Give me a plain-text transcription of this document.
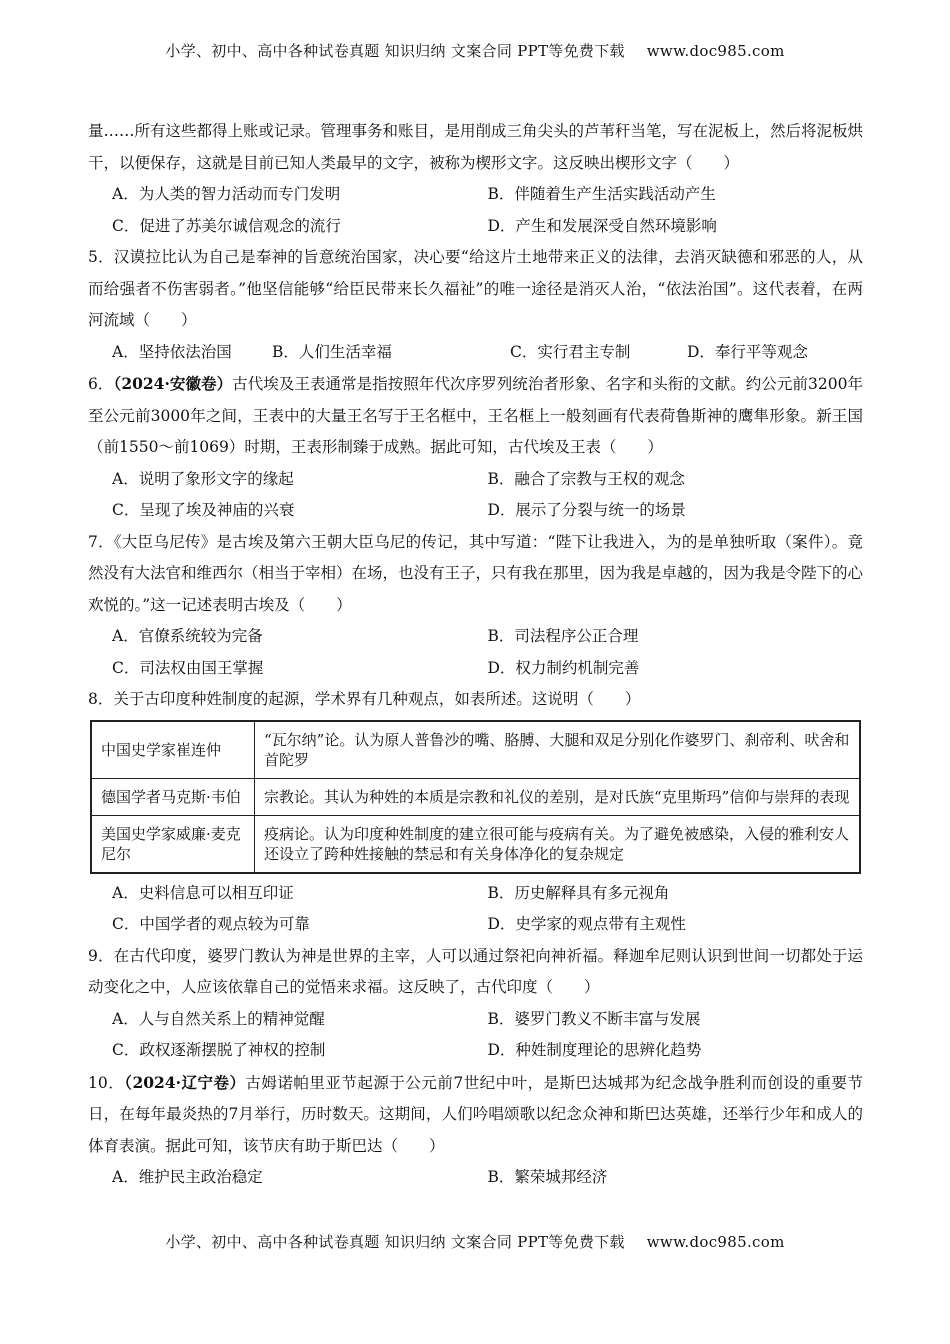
小学、初中、高中各种试卷真题 知识归纳 文案合同 PPT等免费下载 www.doc985.com

量……所有这些都得上账或记录。管理事务和账目，是用削成三角尖头的芦苇秆当笔，写在泥板上，然后将泥板烘干，以便保存，这就是目前已知人类最早的文字，被称为楔形文字。这反映出楔形文字（　　）

A．为人类的智力活动而专门发明	B．伴随着生产生活实践活动产生
C．促进了苏美尔诚信观念的流行	D．产生和发展深受自然环境影响

5．汉谟拉比认为自己是奉神的旨意统治国家，决心要“给这片土地带来正义的法律，去消灭缺德和邪恶的人，从而给强者不伤害弱者。”他坚信能够“给臣民带来长久福祉”的唯一途径是消灭人治，“依法治国”。这代表着，在两河流域（　　）

A．坚持依法治国	B．人们生活幸福	C．实行君主专制	D．奉行平等观念

6．（2024·安徽卷）古代埃及王表通常是指按照年代次序罗列统治者形象、名字和头衔的文献。约公元前3200年至公元前3000年之间，王表中的大量王名写于王名框中，王名框上一般刻画有代表荷鲁斯神的鹰隼形象。新王国（前1550～前1069）时期，王表形制臻于成熟。据此可知，古代埃及王表（　　）

A．说明了象形文字的缘起	B．融合了宗教与王权的观念
C．呈现了埃及神庙的兴衰	D．展示了分裂与统一的场景

7．《大臣乌尼传》是古埃及第六王朝大臣乌尼的传记，其中写道：“陛下让我进入，为的是单独听取（案件）。竟然没有大法官和维西尔（相当于宰相）在场，也没有王子，只有我在那里，因为我是卓越的，因为我是令陛下的心欢悦的。”这一记述表明古埃及（　　）

A．官僚系统较为完备	B．司法程序公正合理
C．司法权由国王掌握	D．权力制约机制完善

8．关于古印度种姓制度的起源，学术界有几种观点，如表所述。这说明（　　）

中国史学家崔连仲	“瓦尔纳”论。认为原人普鲁沙的嘴、胳膊、大腿和双足分别化作婆罗门、刹帝利、吠舍和首陀罗
德国学者马克斯·韦伯	宗教论。其认为种姓的本质是宗教和礼仪的差别，是对氏族“克里斯玛”信仰与崇拜的表现
美国史学家威廉·麦克尼尔	疫病论。认为印度种姓制度的建立很可能与疫病有关。为了避免被感染，入侵的雅利安人还设立了跨种姓接触的禁忌和有关身体净化的复杂规定
A．史料信息可以相互印证	B．历史解释具有多元视角
C．中国学者的观点较为可靠	D．史学家的观点带有主观性

9．在古代印度，婆罗门教认为神是世界的主宰，人可以通过祭祀向神祈福。释迦牟尼则认识到世间一切都处于运动变化之中，人应该依靠自己的觉悟来求福。这反映了，古代印度（　　）

A．人与自然关系上的精神觉醒	B．婆罗门教义不断丰富与发展
C．政权逐渐摆脱了神权的控制	D．种姓制度理论的思辨化趋势

10．（2024·辽宁卷）古姆诺帕里亚节起源于公元前7世纪中叶，是斯巴达城邦为纪念战争胜利而创设的重要节日，在每年最炎热的7月举行，历时数天。这期间，人们吟唱颂歌以纪念众神和斯巴达英雄，还举行少年和成人的体育表演。据此可知，该节庆有助于斯巴达（　　）

A．维护民主政治稳定	B．繁荣城邦经济
小学、初中、高中各种试卷真题 知识归纳 文案合同 PPT等免费下载 www.doc985.com
